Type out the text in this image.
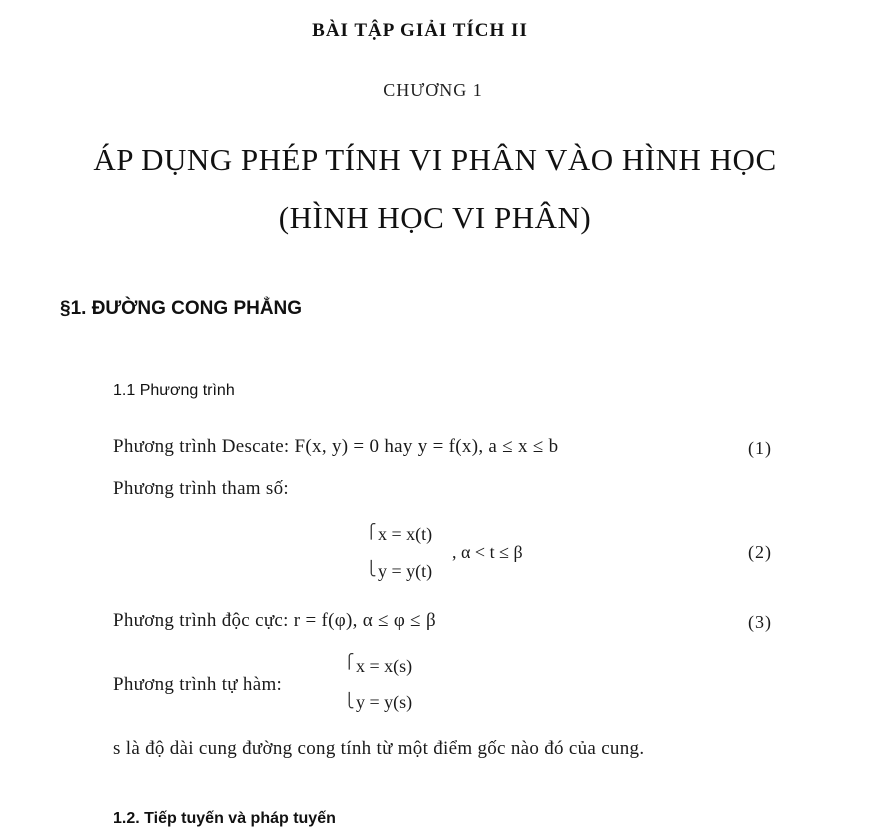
BÀI TẬP GIẢI TÍCH II
CHƯƠNG 1
ÁP DỤNG PHÉP TÍNH VI PHÂN VÀO HÌNH HỌC
(HÌNH HỌC VI PHÂN)
§1. ĐƯỜNG CONG PHẲNG
1.1 Phương trình
Phương trình Descate: F(x, y) = 0 hay y = f(x), a ≤ x ≤ b	(1)
Phương trình tham số:
⎧
⎩
x = x(t)
y = y(t)
, α < t ≤ β	(2)
Phương trình độc cực: r = f(φ), α ≤ φ ≤ β	(3)
Phương trình tự hàm:
⎧
⎩
x = x(s)
y = y(s)
s là độ dài cung đường cong tính từ một điểm gốc nào đó của cung.
1.2. Tiếp tuyến và pháp tuyến
